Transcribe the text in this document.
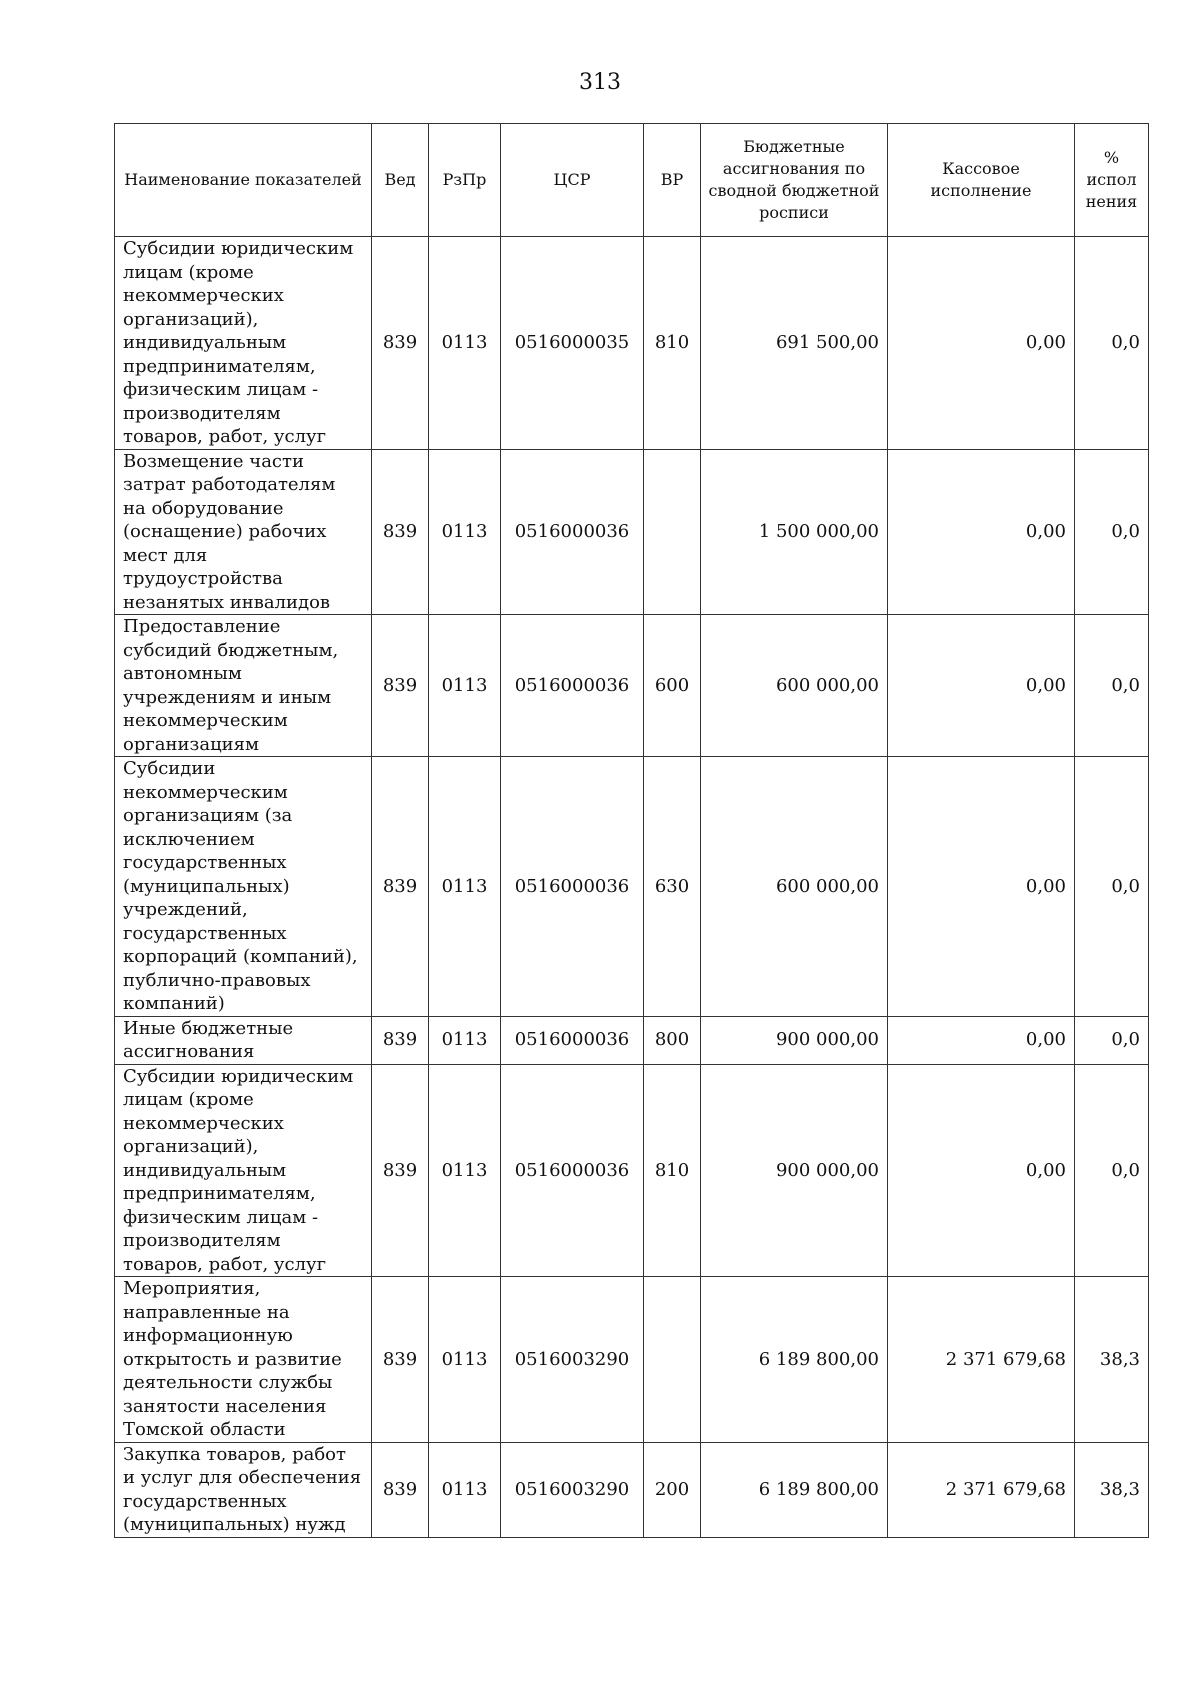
313
Наименование показателей	Вед	РзПр	ЦСР	ВР	Бюджетные ассигнования по сводной бюджетной росписи	Кассовое исполнение	% испол нения
Субсидии юридическим лицам (кроме некоммерческих организаций), индивидуальным предпринимателям, физическим лицам - производителям товаров, работ, услуг	839	0113	0516000035	810	691 500,00	0,00	0,0
Возмещение части затрат работодателям на оборудование (оснащение) рабочих мест для трудоустройства незанятых инвалидов	839	0113	0516000036		1 500 000,00	0,00	0,0
Предоставление субсидий бюджетным, автономным учреждениям и иным некоммерческим организациям	839	0113	0516000036	600	600 000,00	0,00	0,0
Субсидии некоммерческим организациям (за исключением государственных (муниципальных) учреждений, государственных корпораций (компаний), публично-правовых компаний)	839	0113	0516000036	630	600 000,00	0,00	0,0
Иные бюджетные ассигнования	839	0113	0516000036	800	900 000,00	0,00	0,0
Субсидии юридическим лицам (кроме некоммерческих организаций), индивидуальным предпринимателям, физическим лицам - производителям товаров, работ, услуг	839	0113	0516000036	810	900 000,00	0,00	0,0
Мероприятия, направленные на информационную открытость и развитие деятельности службы занятости населения Томской области	839	0113	0516003290		6 189 800,00	2 371 679,68	38,3
Закупка товаров, работ и услуг для обеспечения государственных (муниципальных) нужд	839	0113	0516003290	200	6 189 800,00	2 371 679,68	38,3
